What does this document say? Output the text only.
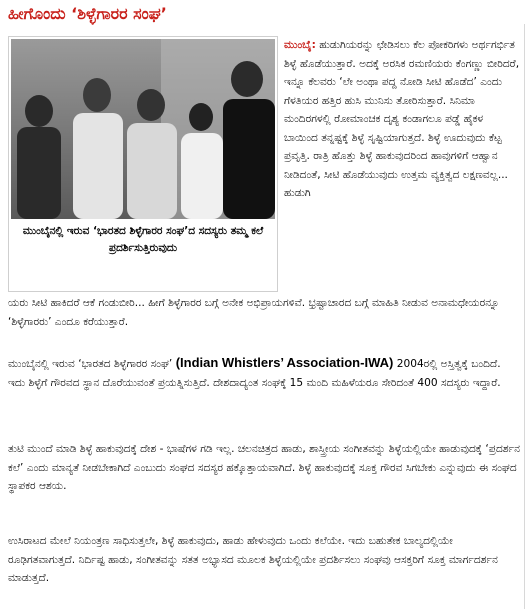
ಹೀಗೊಂದು ‘ಶಿಳ್ಳೆಗಾರರ ಸಂಘ’
ಮುಂಬೈನಲ್ಲಿ ಇರುವ ‘ಭಾರತದ ಶಿಳ್ಳೆಗಾರರ ಸಂಘ’ದ ಸದಸ್ಯರು ತಮ್ಮ ಕಲೆ ಪ್ರದರ್ಶಿಸುತ್ತಿರುವುದು

ಮುಂಬೈ: ಹುಡುಗಿಯರನ್ನು ಛೇಡಿಸಲು ಕೆಲ ಪೋಕರಿಗಳು ಅರ್ಥಗರ್ಭಿತ ಶಿಳ್ಳೆ ಹೊಡೆಯುತ್ತಾರೆ. ಅದಕ್ಕೆ ಅರಸಿಕ ರಮಣಿಯರು ಕೆಂಗಣ್ಣು ಬೀರಿದರೆ, ಇನ್ನೂ ಕೆಲವರು ‘ಲೇ ಅಂಥಾ ಪದ್ದ ನೋಡಿ ಸೀಟಿ ಹೊಡೆದ’ ಎಂದು ಗೆಳತಿಯರ ಹತ್ತಿರ ಹುಸಿ ಮುನಿಸು ತೋರಿಸುತ್ತಾರೆ. ಸಿನಿಮಾ ಮಂದಿರಗಳಲ್ಲಿ ರೋಮಾಂಚಕ ದೃಶ್ಯ ಕಂಡಾಗಲೂ ಪಡ್ಡೆ ಹೈಕಳ ಬಾಯಿಂದ ತನ್ನಷ್ಟಕ್ಕೆ ಶಿಳ್ಳೆ ಸೃಷ್ಟಿಯಾಗುತ್ತದೆ. ಶಿಳ್ಳೆ ಊದುವುದು ಕೆಟ್ಟ ಪ್ರವೃತ್ತಿ. ರಾತ್ರಿ ಹೊತ್ತು ಶಿಳ್ಳೆ ಹಾಕುವುದರಿಂದ ಹಾವುಗಳಿಗೆ ಆಹ್ವಾನ ನೀಡಿದಂತೆ, ಸೀಟಿ ಹೊಡೆಯುವುದು ಉತ್ತಮ ವ್ಯಕ್ತಿತ್ವದ ಲಕ್ಷಣವಲ್ಲ... ಹುಡುಗಿ

ಯರು ಸೀಟಿ ಹಾಕಿದರೆ ಆಕೆ ಗಂಡುಬೀರಿ... ಹೀಗೆ ಶಿಳ್ಳೆಗಾರರ ಬಗ್ಗೆ ಅನೇಕ ಅಭಿಪ್ರಾಯಗಳಿವೆ. ಭ್ರಷ್ಟಾಚಾರದ ಬಗ್ಗೆ ಮಾಹಿತಿ ನೀಡುವ ಅನಾಮಧೇಯರನ್ನೂ ‘ಶಿಳ್ಳೆಗಾರರು’ ಎಂದೂ ಕರೆಯುತ್ತಾರೆ.

ಮುಂಬೈನಲ್ಲಿ ಇರುವ ‘ಭಾರತದ ಶಿಳ್ಳೆಗಾರರ ಸಂಘ’ (Indian Whistlers’ Association-IWA) 2004ರಲ್ಲಿ ಅಸ್ತಿತ್ವಕ್ಕೆ ಬಂದಿದೆ. ಇದು ಶಿಳ್ಳೆಗೆ ಗೌರವದ ಸ್ಥಾನ ದೊರೆಯುವಂತೆ ಪ್ರಯತ್ನಿಸುತ್ತಿದೆ. ದೇಶದಾದ್ಯಂತ ಸಂಘಕ್ಕೆ 15 ಮಂದಿ ಮಹಿಳೆಯರೂ ಸೇರಿದಂತೆ 400 ಸದಸ್ಯರು ಇದ್ದಾರೆ.

ತುಟಿ ಮುಂದೆ ಮಾಡಿ ಶಿಳ್ಳೆ ಹಾಕುವುದಕ್ಕೆ ದೇಶ - ಭಾಷೆಗಳ ಗಡಿ ಇಲ್ಲ. ಚಲನಚಿತ್ರದ ಹಾಡು, ಶಾಸ್ತ್ರೀಯ ಸಂಗೀತವನ್ನು ಶಿಳ್ಳೆಯಲ್ಲಿಯೇ ಹಾಡುವುದಕ್ಕೆ ‘ಪ್ರದರ್ಶನ ಕಲೆ’ ಎಂದು ಮಾನ್ಯತೆ ನೀಡಬೇಕಾಗಿದೆ ಎಂಬುದು ಸಂಘದ ಸದಸ್ಯರ ಹಕ್ಕೊತ್ತಾಯವಾಗಿದೆ. ಶಿಳ್ಳೆ ಹಾಕುವುದಕ್ಕೆ ಸೂಕ್ತ ಗೌರವ ಸಿಗಬೇಕು ಎನ್ನುವುದು ಈ ಸಂಘದ ಸ್ಥಾಪಕರ ಆಶಯ.

ಉಸಿರಾಟದ ಮೇಲೆ ನಿಯಂತ್ರಣ ಸಾಧಿಸುತ್ತಲೇ, ಶಿಳ್ಳೆ ಹಾಕುವುದು, ಹಾಡು ಹೇಳುವುದು ಒಂದು ಕಲೆಯೇ. ಇದು ಬಹುತೇಕ ಬಾಲ್ಯದಲ್ಲಿಯೇ ರೂಢಿಗತವಾಗುತ್ತದೆ. ನಿರ್ದಿಷ್ಟ ಹಾಡು, ಸಂಗೀತವನ್ನು ಸತತ ಅಭ್ಯಾಸದ ಮೂಲಕ ಶಿಳ್ಳೆಯಲ್ಲಿಯೇ ಪ್ರದರ್ಶಿಸಲು ಸಂಘವು ಆಸಕ್ತರಿಗೆ ಸೂಕ್ತ ಮಾರ್ಗದರ್ಶನ ಮಾಡುತ್ತದೆ.
